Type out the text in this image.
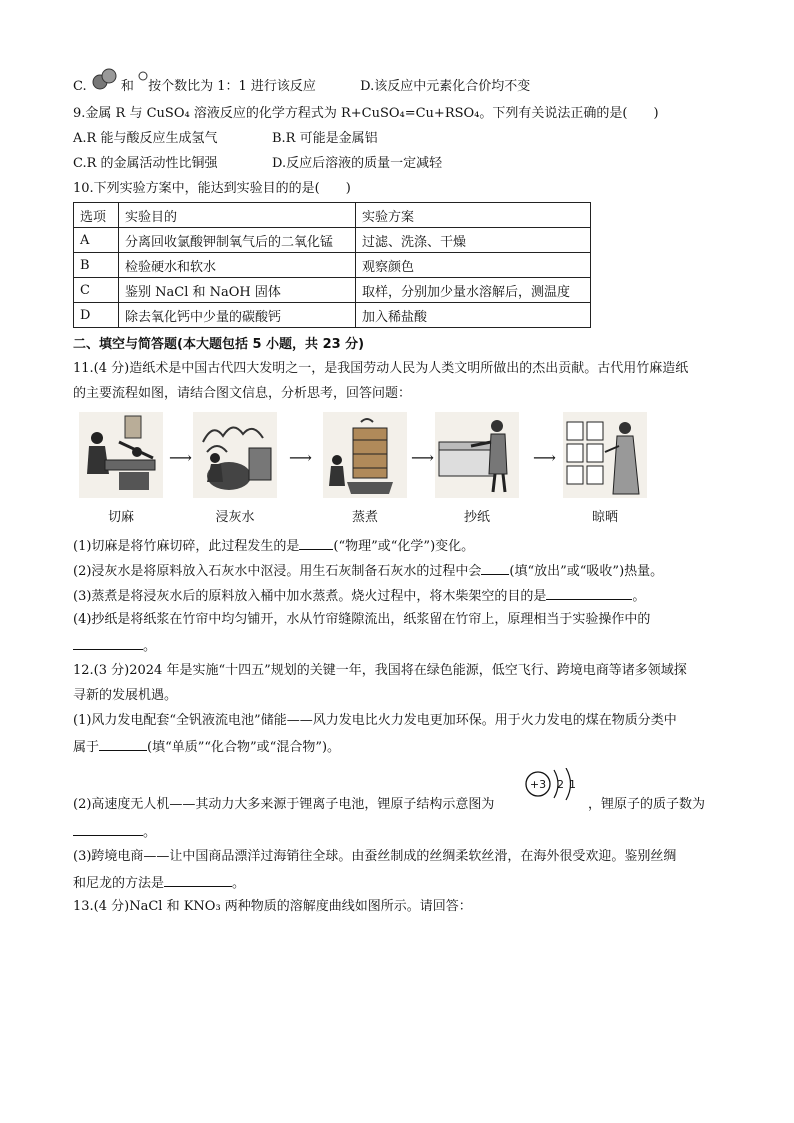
C.	和 按个数比为 1：1 进行该反应	D.该反应中元素化合价均不变
9.金属 R 与 CuSO₄ 溶液反应的化学方程式为 R+CuSO₄=Cu+RSO₄。下列有关说法正确的是(　　)
A.R 能与酸反应生成氢气	B.R 可能是金属铝
C.R 的金属活动性比铜强	D.反应后溶液的质量一定减轻
10.下列实验方案中，能达到实验目的的是(　　)
选项	实验目的	实验方案
A	分离回收氯酸钾制氧气后的二氧化锰	过滤、洗涤、干燥
B	检验硬水和软水	观察颜色
C	鉴别 NaCl 和 NaOH 固体	取样，分别加少量水溶解后，测温度
D	除去氧化钙中少量的碳酸钙	加入稀盐酸
二、填空与简答题(本大题包括 5 小题，共 23 分)
11.(4 分)造纸术是中国古代四大发明之一，是我国劳动人民为人类文明所做出的杰出贡献。古代用竹麻造纸
的主要流程如图，请结合图文信息，分析思考，回答问题：
⟶	⟶	⟶	⟶
切麻	浸灰水	蒸煮	抄纸	晾晒
(1)切麻是将竹麻切碎，此过程发生的是	(“物理”或“化学”)变化。
(2)浸灰水是将原料放入石灰水中沤浸。用生石灰制备石灰水的过程中会 (填“放出”或“吸收”)热量。
(3)蒸煮是将浸灰水后的原料放入桶中加水蒸煮。烧火过程中，将木柴架空的目的是	。
(4)抄纸是将纸浆在竹帘中均匀铺开，水从竹帘缝隙流出，纸浆留在竹帘上，原理相当于实验操作中的
。
12.(3 分)2024 年是实施“十四五”规划的关键一年，我国将在绿色能源，低空飞行、跨境电商等诸多领域探
寻新的发展机遇。
(1)风力发电配套“全钒液流电池”储能——风力发电比火力发电更加环保。用于火力发电的煤在物质分类中
属于	(填“单质”“化合物”或“混合物”)。
(2)高速度无人机——其动力大多来源于锂离子电池，锂原子结构示意图为
+3 2 1
，锂原子的质子数为
。
(3)跨境电商——让中国商品漂洋过海销往全球。由蚕丝制成的丝绸柔软丝滑，在海外很受欢迎。鉴别丝绸
和尼龙的方法是	。
13.(4 分)NaCl 和 KNO₃ 两种物质的溶解度曲线如图所示。请回答：
